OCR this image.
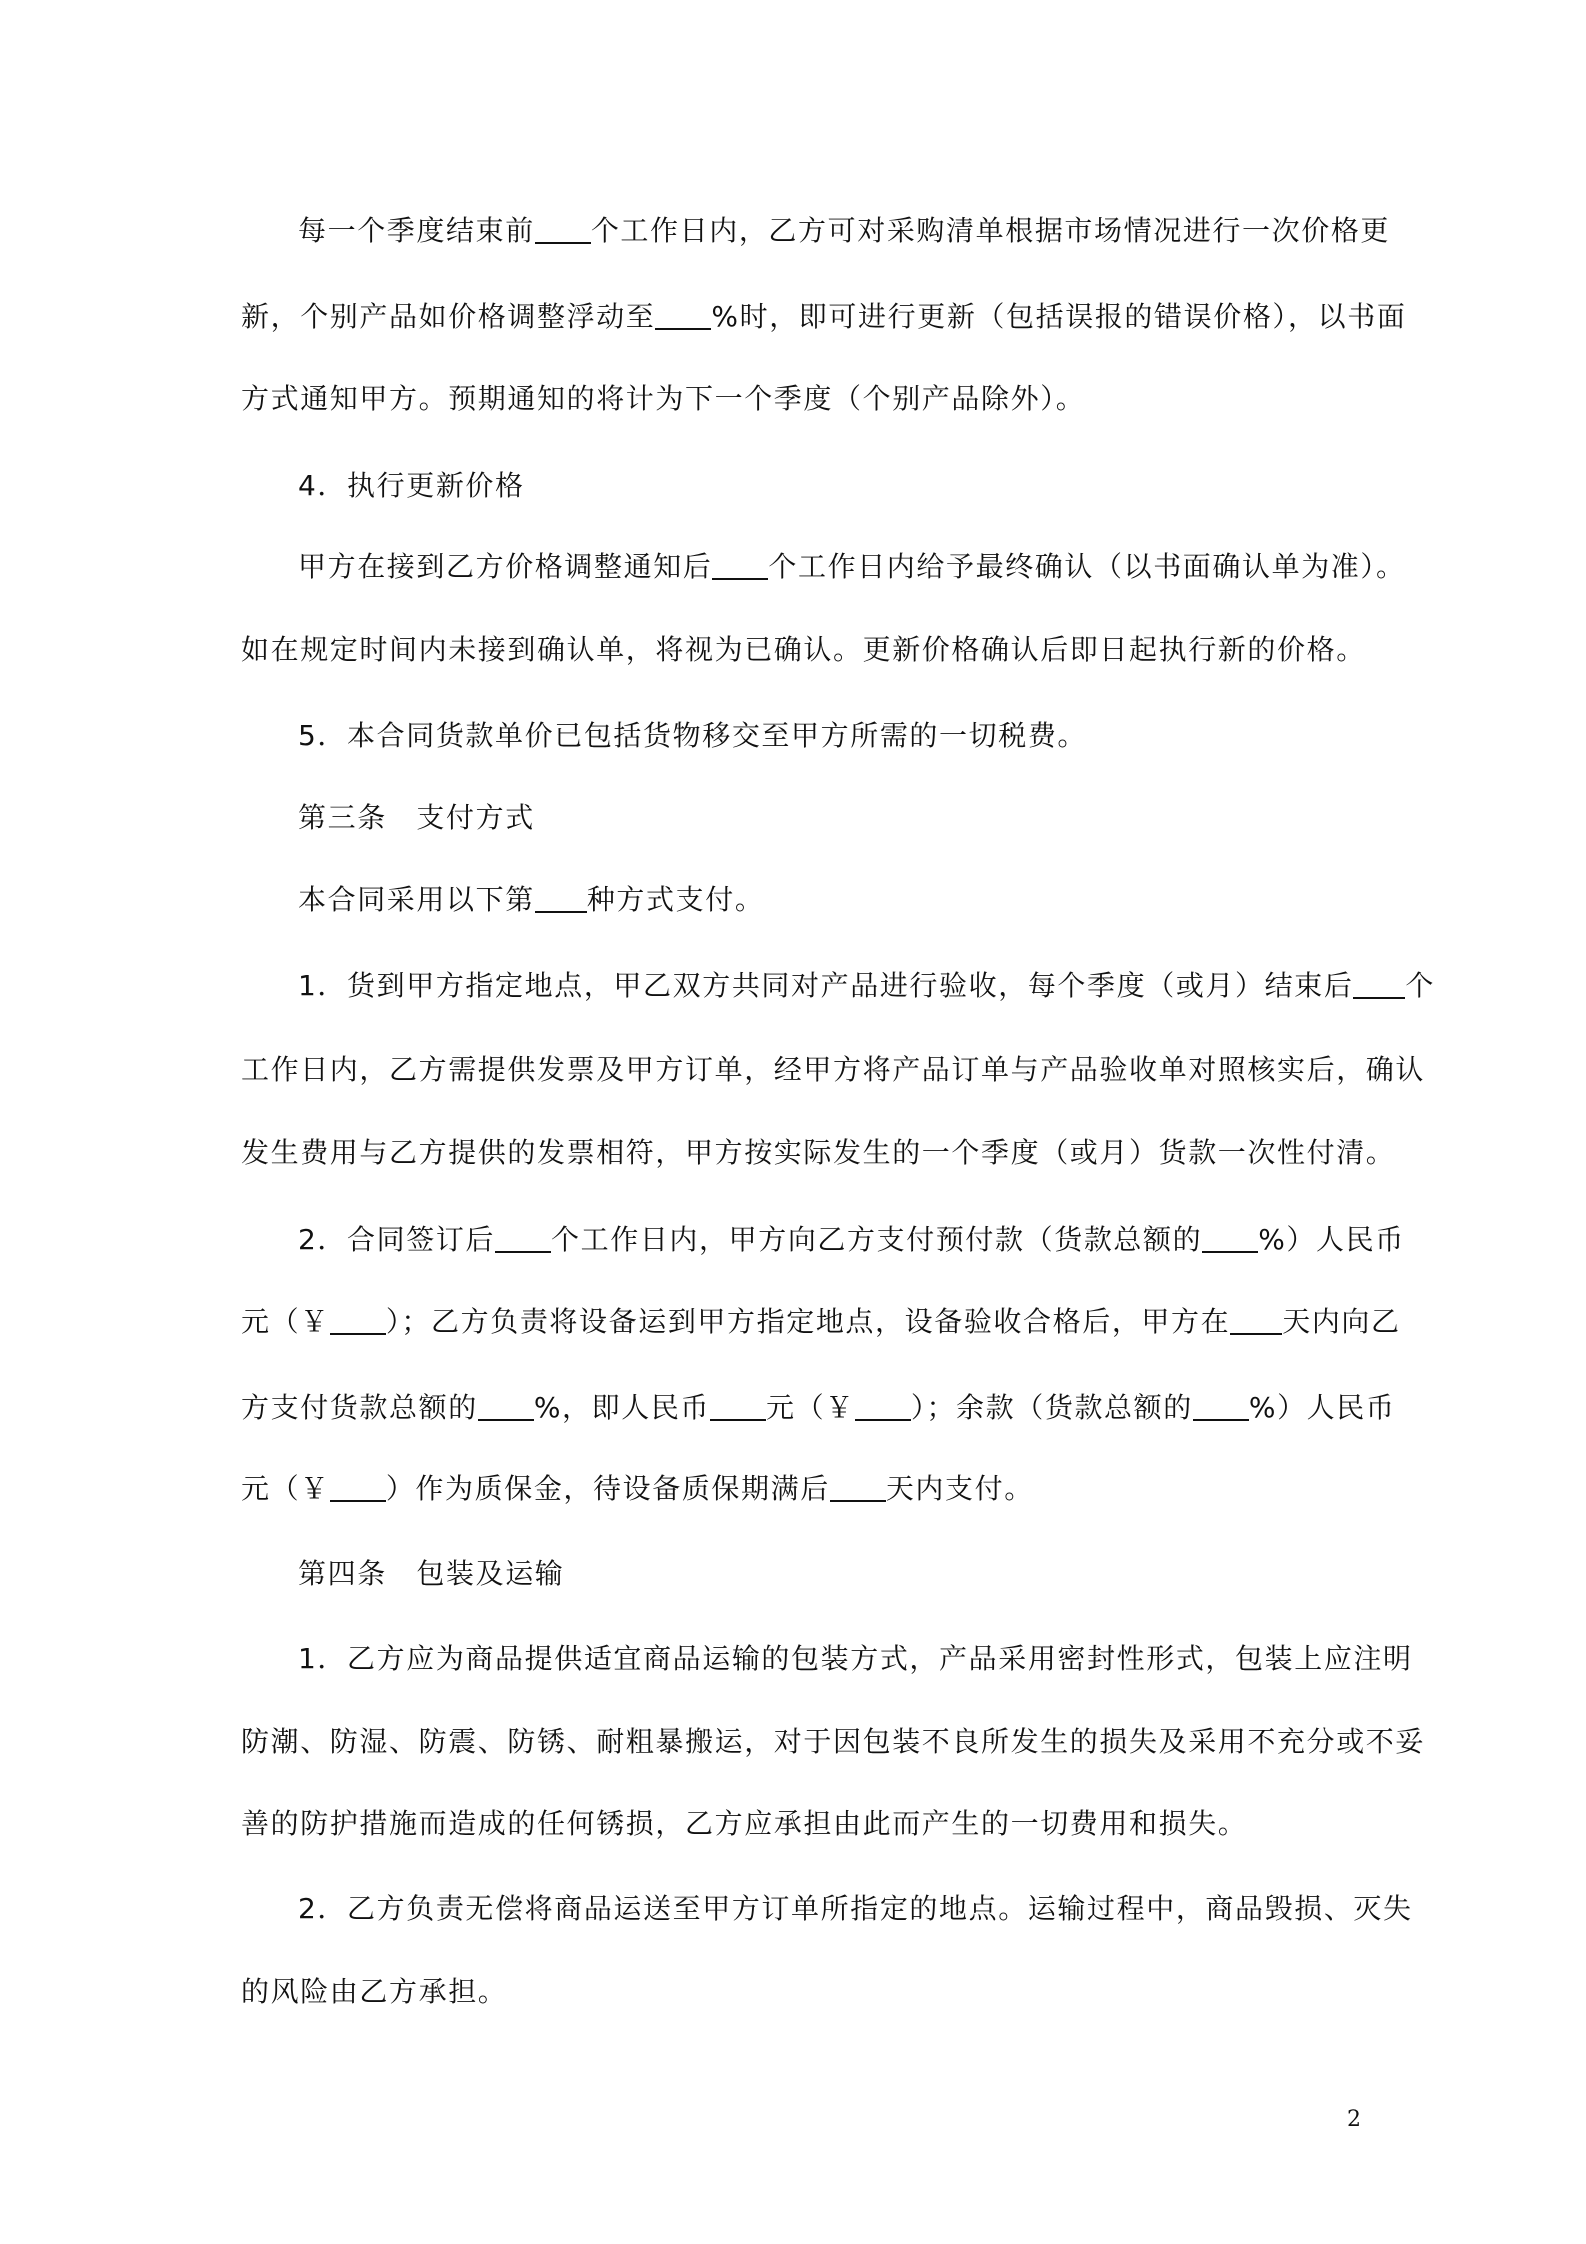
每一个季度结束前 个工作日内，乙方可对采购清单根据市场情况进行一次价格更
新，个别产品如价格调整浮动至 %时，即可进行更新（包括误报的错误价格），以书面
方式通知甲方。预期通知的将计为下一个季度（个别产品除外）。
4．执行更新价格
甲方在接到乙方价格调整通知后 个工作日内给予最终确认（以书面确认单为准）。
如在规定时间内未接到确认单，将视为已确认。更新价格确认后即日起执行新的价格。
5．本合同货款单价已包括货物移交至甲方所需的一切税费。
第三条　支付方式
本合同采用以下第 种方式支付。
1．货到甲方指定地点，甲乙双方共同对产品进行验收，每个季度（或月）结束后 个
工作日内，乙方需提供发票及甲方订单，经甲方将产品订单与产品验收单对照核实后，确认
发生费用与乙方提供的发票相符，甲方按实际发生的一个季度（或月）货款一次性付清。
2．合同签订后 个工作日内，甲方向乙方支付预付款（货款总额的 %）人民币
元（￥ ）；乙方负责将设备运到甲方指定地点，设备验收合格后，甲方在 天内向乙
方支付货款总额的 %，即人民币 元（￥ ）；余款（货款总额的 %）人民币
元（￥ ）作为质保金，待设备质保期满后 天内支付。
第四条　包装及运输
1．乙方应为商品提供适宜商品运输的包装方式，产品采用密封性形式，包装上应注明
防潮、防湿、防震、防锈、耐粗暴搬运，对于因包装不良所发生的损失及采用不充分或不妥
善的防护措施而造成的任何锈损，乙方应承担由此而产生的一切费用和损失。
2．乙方负责无偿将商品运送至甲方订单所指定的地点。运输过程中，商品毁损、灭失
的风险由乙方承担。
2
